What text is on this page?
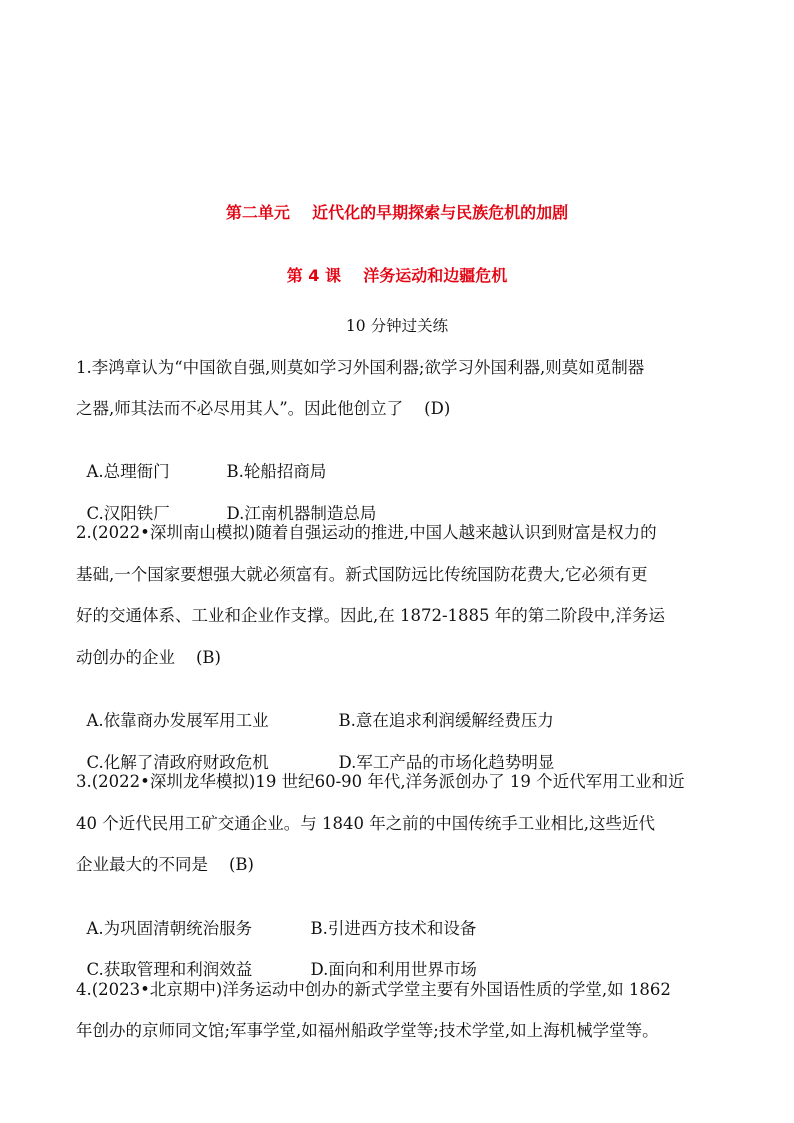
第二单元    近代化的早期探索与民族危机的加剧
第 4 课    洋务运动和边疆危机
10 分钟过关练
1.李鸿章认为“中国欲自强,则莫如学习外国利器;欲学习外国利器,则莫如觅制器
之器,师其法而不必尽用其人”。因此他创立了    (D)

A.总理衙门	B.轮船招商局

C.汉阳铁厂	D.江南机器制造总局

2.(2022•深圳南山模拟)随着自强运动的推进,中国人越来越认识到财富是权力的
基础,一个国家要想强大就必须富有。新式国防远比传统国防花费大,它必须有更
好的交通体系、工业和企业作支撑。因此,在 1872-1885 年的第二阶段中,洋务运
动创办的企业    (B)

A.依靠商办发展军用工业	B.意在追求利润缓解经费压力

C.化解了清政府财政危机	D.军工产品的市场化趋势明显

3.(2022•深圳龙华模拟)19 世纪60-90 年代,洋务派创办了 19 个近代军用工业和近
40 个近代民用工矿交通企业。与 1840 年之前的中国传统手工业相比,这些近代
企业最大的不同是    (B)

A.为巩固清朝统治服务	B.引进西方技术和设备

C.获取管理和利润效益	D.面向和利用世界市场

4.(2023•北京期中)洋务运动中创办的新式学堂主要有外国语性质的学堂,如 1862
年创办的京师同文馆;军事学堂,如福州船政学堂等;技术学堂,如上海机械学堂等。
